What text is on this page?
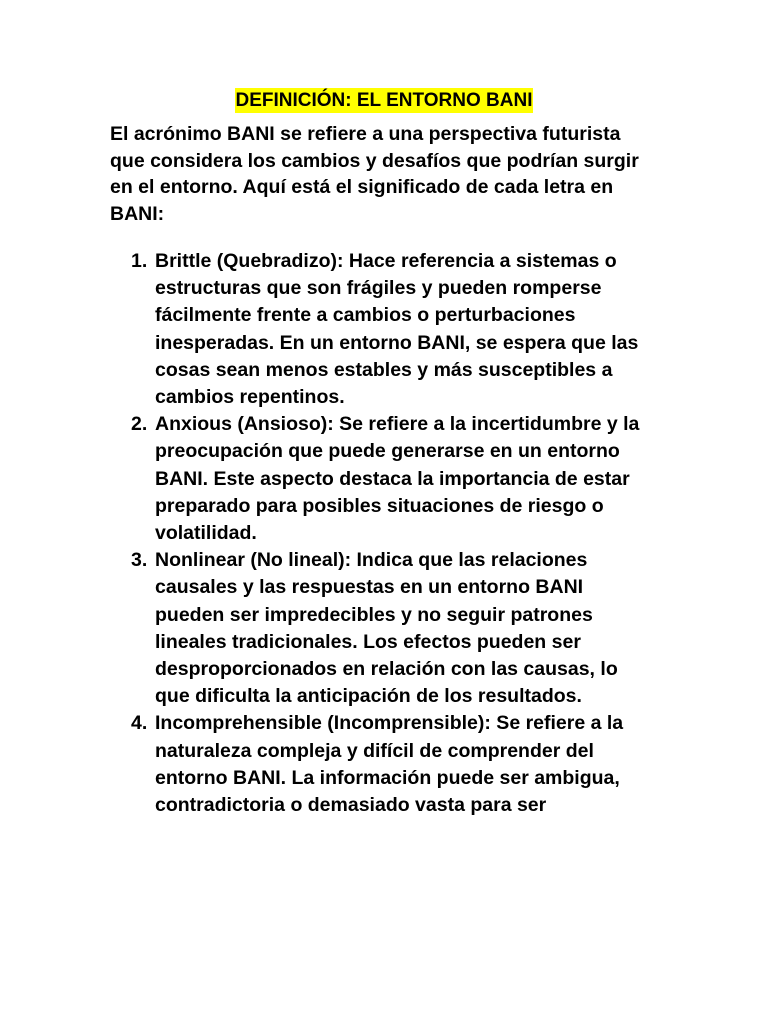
DEFINICIÓN: EL ENTORNO BANI

El acrónimo BANI se refiere a una perspectiva futurista que considera los cambios y desafíos que podrían surgir en el entorno. Aquí está el significado de cada letra en BANI:

1. Brittle (Quebradizo): Hace referencia a sistemas o estructuras que son frágiles y pueden romperse fácilmente frente a cambios o perturbaciones inesperadas. En un entorno BANI, se espera que las cosas sean menos estables y más susceptibles a cambios repentinos.
2. Anxious (Ansioso): Se refiere a la incertidumbre y la preocupación que puede generarse en un entorno BANI. Este aspecto destaca la importancia de estar preparado para posibles situaciones de riesgo o volatilidad.
3. Nonlinear (No lineal): Indica que las relaciones causales y las respuestas en un entorno BANI pueden ser impredecibles y no seguir patrones lineales tradicionales. Los efectos pueden ser desproporcionados en relación con las causas, lo que dificulta la anticipación de los resultados.
4. Incomprehensible (Incomprensible): Se refiere a la naturaleza compleja y difícil de comprender del entorno BANI. La información puede ser ambigua, contradictoria o demasiado vasta para ser
